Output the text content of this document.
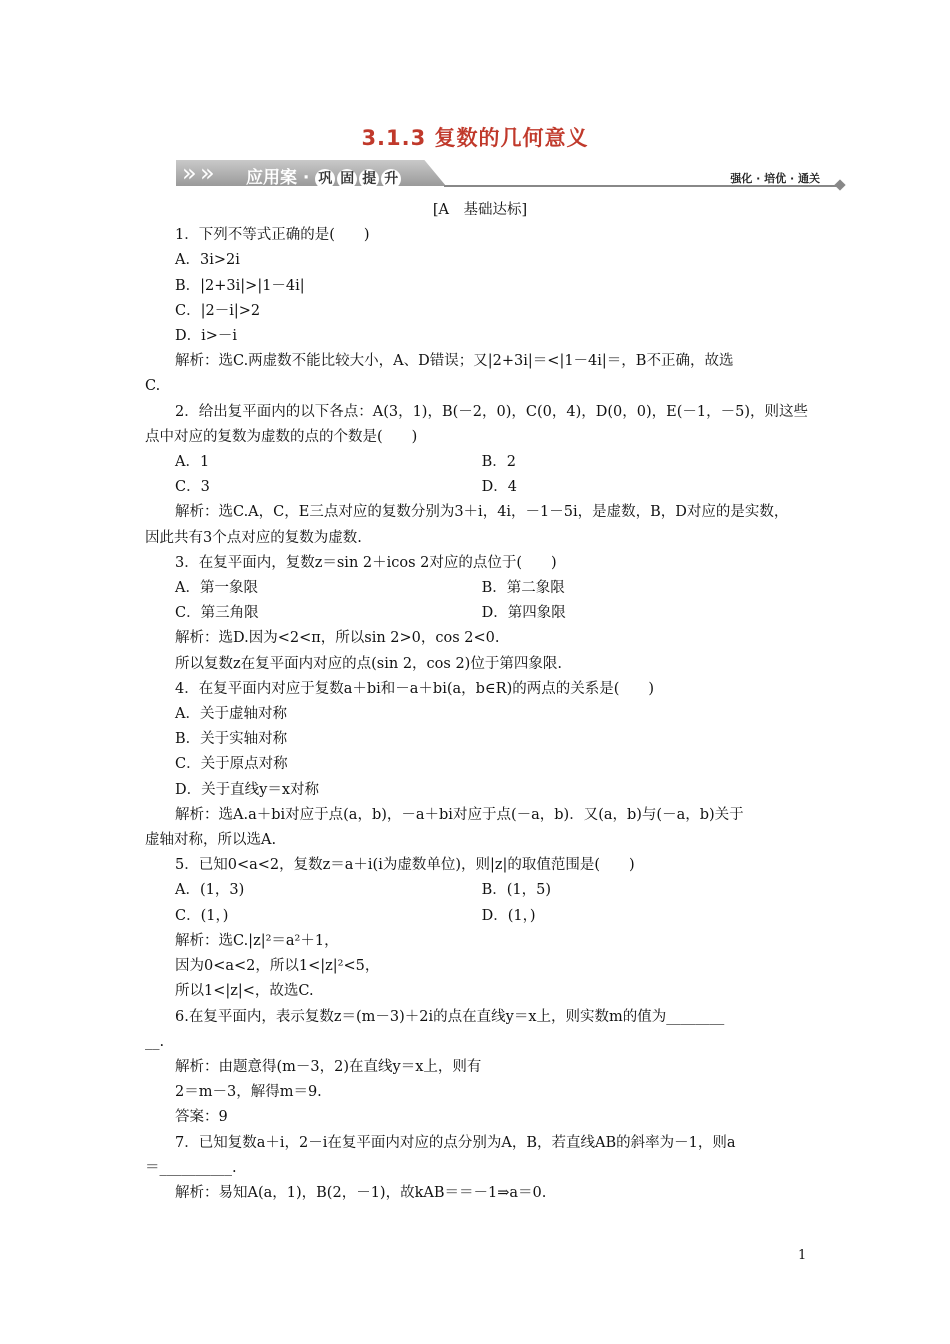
3.1.3 复数的几何意义
» » 应用案 · 巩 固 提 升	强化 · 培优 · 通关
[A　基础达标]
1．下列不等式正确的是(　　)
A．3i>2i
B．|2+3i|>|1－4i|
C．|2－i|>2
D．i>－i
解析：选C.两虚数不能比较大小，A、D错误；又|2+3i|＝<|1－4i|＝，B不正确，故选
C.
2．给出复平面内的以下各点：A(3，1)，B(－2，0)，C(0，4)，D(0，0)，E(－1，－5)，则这些
点中对应的复数为虚数的点的个数是(　　)
A．1	B．2
C．3	D．4
解析：选C.A，C，E三点对应的复数分别为3＋i，4i，－1－5i，是虚数，B，D对应的是实数，
因此共有3个点对应的复数为虚数.
3．在复平面内，复数z＝sin 2＋icos 2对应的点位于(　　)
A．第一象限	B．第二象限
C．第三角限	D．第四象限
解析：选D.因为<2<π，所以sin 2>0，cos 2<0.
所以复数z在复平面内对应的点(sin 2，cos 2)位于第四象限.
4．在复平面内对应于复数a＋bi和－a＋bi(a，b∈R)的两点的关系是(　　)
A．关于虚轴对称
B．关于实轴对称
C．关于原点对称
D．关于直线y＝x对称
解析：选A.a＋bi对应于点(a，b)，－a＋bi对应于点(－a，b)．又(a，b)与(－a，b)关于
虚轴对称，所以选A.
5．已知0<a<2，复数z＝a＋i(i为虚数单位)，则|z|的取值范围是(　　)
A．(1，3)	B．(1，5)
C．(1，)	D．(1，)
解析：选C.|z|²＝a²＋1，
因为0<a<2，所以1<|z|²<5，
所以1<|z|<，故选C.
6.在复平面内，表示复数z＝(m－3)＋2i的点在直线y＝x上，则实数m的值为________
__.
解析：由题意得(m－3，2)在直线y＝x上，则有
2＝m－3，解得m＝9.
答案：9
7．已知复数a＋i，2－i在复平面内对应的点分别为A，B，若直线AB的斜率为－1，则a
＝__________.
解析：易知A(a，1)，B(2，－1)，故kAB＝＝－1⇒a＝0.
1
